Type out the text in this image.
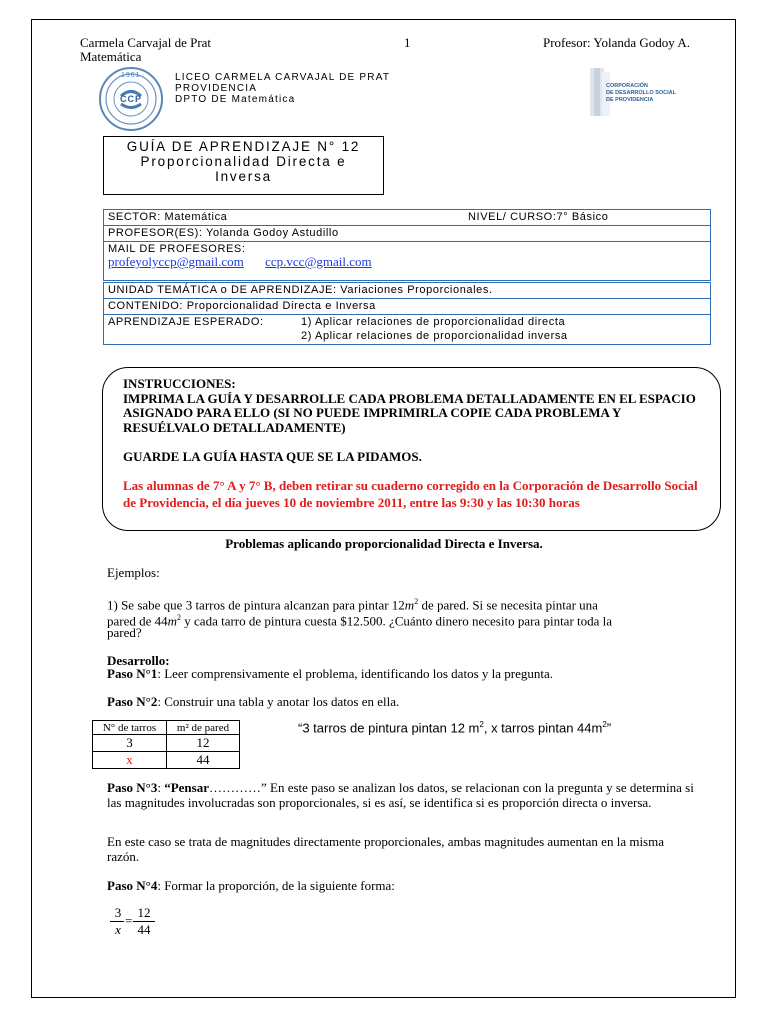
Carmela Carvajal de Prat
Matemática
1	Profesor: Yolanda Godoy A.
1961
CCP
LICEO CARMELA CARVAJAL DE PRAT
PROVIDENCIA
DPTO DE Matemática
CORPORACIÓN
DE DESARROLLO SOCIAL
DE PROVIDENCIA
GUÍA DE APRENDIZAJE N° 12
Proporcionalidad Directa e
Inversa
SECTOR: Matemática	NIVEL/ CURSO:7° Básico
PROFESOR(ES): Yolanda Godoy Astudillo
MAIL DE PROFESORES:
profeyolyccp@gmail.com ccp.vcc@gmail.com
UNIDAD TEMÁTICA o DE APRENDIZAJE: Variaciones Proporcionales.
CONTENIDO: Proporcionalidad Directa e Inversa
APRENDIZAJE ESPERADO:	1) Aplicar relaciones de proporcionalidad directa
2) Aplicar relaciones de proporcionalidad inversa
INSTRUCCIONES:
IMPRIMA LA GUÍA Y DESARROLLE CADA PROBLEMA DETALLADAMENTE EN EL ESPACIO ASIGNADO PARA ELLO (SI NO PUEDE IMPRIMIRLA COPIE CADA PROBLEMA Y RESUÉLVALO DETALLADAMENTE)
GUARDE LA GUÍA HASTA QUE SE LA PIDAMOS.
Las alumnas de 7° A y 7° B, deben retirar su cuaderno corregido en la Corporación de Desarrollo Social de Providencia, el día jueves 10 de noviembre 2011, entre las 9:30 y las 10:30 horas
Problemas aplicando proporcionalidad Directa e Inversa.
Ejemplos:
1) Se sabe que 3 tarros de pintura alcanzan para pintar $12m^2$ de pared. Si se necesita pintar una
pared de $44m^2$ y cada tarro de pintura cuesta $12.500. ¿Cuánto dinero necesito para pintar toda la
pared?
Desarrollo:
Paso N°1: Leer comprensivamente el problema, identificando los datos y la pregunta.
Paso N°2: Construir una tabla y anotar los datos en ella.
N° de tarros	m² de pared
3	12
x	44
“3 tarros de pintura pintan 12 $m^2$, x tarros pintan $44m^2$”
Paso N°3: “Pensar…………” En este paso se analizan los datos, se relacionan con la pregunta y se determina si las magnitudes involucradas son proporcionales, si es así, se identifica si es proporción directa o inversa.
En este caso se trata de magnitudes directamente proporcionales, ambas magnitudes aumentan en la misma razón.
Paso N°4: Formar la proporción, de la siguiente forma:
3
x
=
12
44
